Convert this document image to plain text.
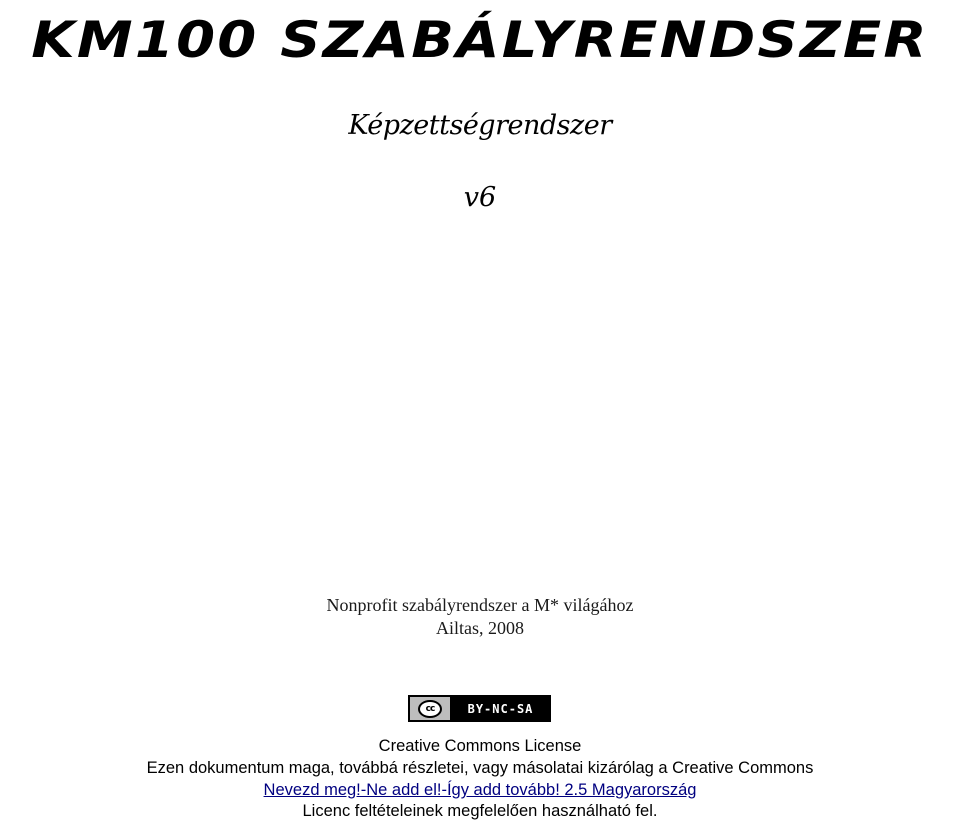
KM100 SZABÁLYRENDSZER
Képzettségrendszer
v6
Nonprofit szabályrendszer a M* világához
Ailtas, 2008
cc	BY-NC-SA
Creative Commons License
Ezen dokumentum maga, továbbá részletei, vagy másolatai kizárólag a Creative Commons
Nevezd meg!-Ne add el!-Így add tovább! 2.5 Magyarország
Licenc feltételeinek megfelelően használható fel.
